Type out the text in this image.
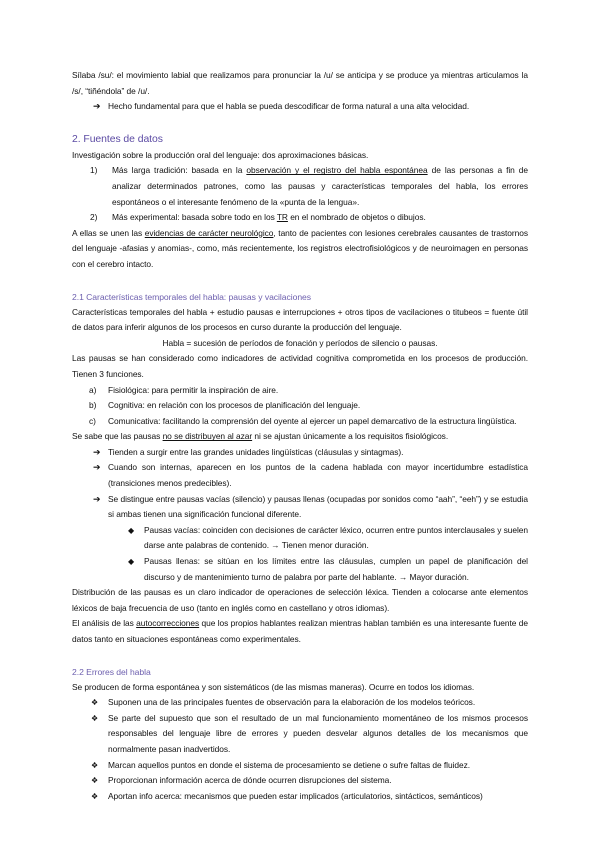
Sílaba /su/: el movimiento labial que realizamos para pronunciar la /u/ se anticipa y se produce ya mientras articulamos la /s/, “tiñéndola” de /u/.

➔ Hecho fundamental para que el habla se pueda descodificar de forma natural a una alta velocidad.

2. Fuentes de datos

Investigación sobre la producción oral del lenguaje: dos aproximaciones básicas.

1) Más larga tradición: basada en la observación y el registro del habla espontánea de las personas a fin de analizar determinados patrones, como las pausas y características temporales del habla, los errores espontáneos o el interesante fenómeno de la «punta de la lengua».
2) Más experimental: basada sobre todo en los TR en el nombrado de objetos o dibujos.

A ellas se unen las evidencias de carácter neurológico, tanto de pacientes con lesiones cerebrales causantes de trastornos del lenguaje -afasias y anomias-, como, más recientemente, los registros electrofisiológicos y de neuroimagen en personas con el cerebro intacto.

2.1 Características temporales del habla: pausas y vacilaciones

Características temporales del habla + estudio pausas e interrupciones + otros tipos de vacilaciones o titubeos = fuente útil de datos para inferir algunos de los procesos en curso durante la producción del lenguaje.

Habla = sucesión de períodos de fonación y períodos de silencio o pausas.

Las pausas se han considerado como indicadores de actividad cognitiva comprometida en los procesos de producción. Tienen 3 funciones.

a) Fisiológica: para permitir la inspiración de aire.
b) Cognitiva: en relación con los procesos de planificación del lenguaje.
c) Comunicativa: facilitando la comprensión del oyente al ejercer un papel demarcativo de la estructura lingüística.

Se sabe que las pausas no se distribuyen al azar ni se ajustan únicamente a los requisitos fisiológicos.

➔ Tienden a surgir entre las grandes unidades lingüísticas (cláusulas y sintagmas).
➔ Cuando son internas, aparecen en los puntos de la cadena hablada con mayor incertidumbre estadística (transiciones menos predecibles).
➔ Se distingue entre pausas vacías (silencio) y pausas llenas (ocupadas por sonidos como “aah”, “eeh”) y se estudia si ambas tienen una significación funcional diferente.
◆ Pausas vacías: coinciden con decisiones de carácter léxico, ocurren entre puntos interclausales y suelen darse ante palabras de contenido. → Tienen menor duración.
◆ Pausas llenas: se sitúan en los límites entre las cláusulas, cumplen un papel de planificación del discurso y de mantenimiento turno de palabra por parte del hablante. → Mayor duración.

Distribución de las pausas es un claro indicador de operaciones de selección léxica. Tienden a colocarse ante elementos léxicos de baja frecuencia de uso (tanto en inglés como en castellano y otros idiomas).

El análisis de las autocorrecciones que los propios hablantes realizan mientras hablan también es una interesante fuente de datos tanto en situaciones espontáneas como experimentales.

2.2 Errores del habla

Se producen de forma espontánea y son sistemáticos (de las mismas maneras). Ocurre en todos los idiomas.

❖ Suponen una de las principales fuentes de observación para la elaboración de los modelos teóricos.
❖ Se parte del supuesto que son el resultado de un mal funcionamiento momentáneo de los mismos procesos responsables del lenguaje libre de errores y pueden desvelar algunos detalles de los mecanismos que normalmente pasan inadvertidos.
❖ Marcan aquellos puntos en donde el sistema de procesamiento se detiene o sufre faltas de fluidez.
❖ Proporcionan información acerca de dónde ocurren disrupciones del sistema.
❖ Aportan info acerca: mecanismos que pueden estar implicados (articulatorios, sintácticos, semánticos)
